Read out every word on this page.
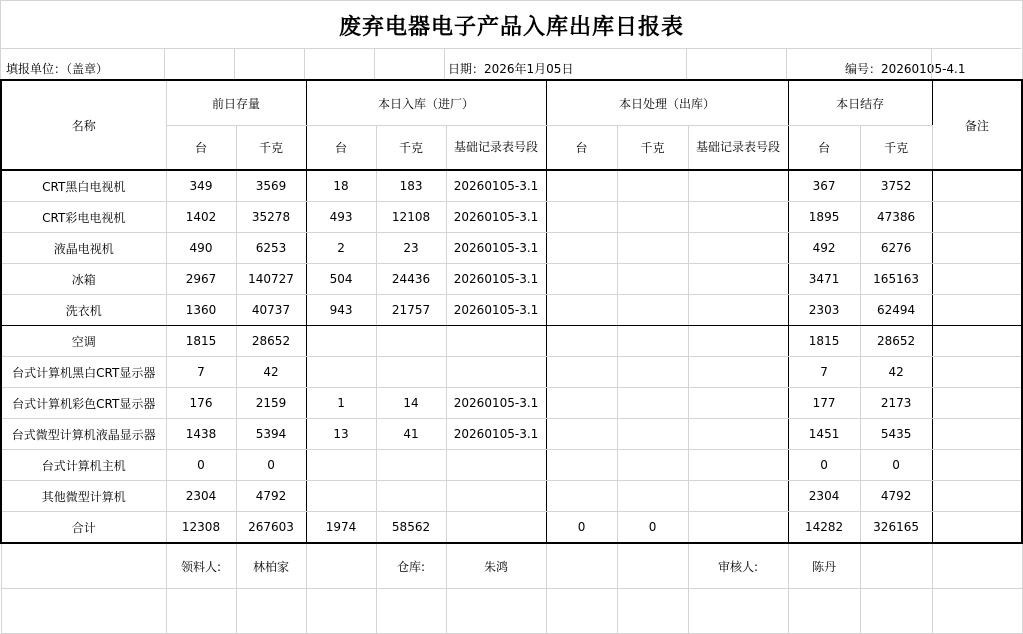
废弃电器电子产品入库出库日报表
填报单位：（盖章）	日期：2026年1月05日	编号：20260105-4.1
名称	前日存量		本日入库（进厂）			本日处理（出库）			本日结存		备注
	台	千克	台	千克	基础记录表号段	台	千克	基础记录表号段	台	千克	
CRT黑白电视机	349	3569	18	183	20260105-3.1				367	3752	
CRT彩电电视机	1402	35278	493	12108	20260105-3.1				1895	47386	
液晶电视机	490	6253	2	23	20260105-3.1				492	6276	
冰箱	2967	140727	504	24436	20260105-3.1				3471	165163	
洗衣机	1360	40737	943	21757	20260105-3.1				2303	62494	
空调	1815	28652							1815	28652	
台式计算机黑白CRT显示器	7	42							7	42	
台式计算机彩色CRT显示器	176	2159	1	14	20260105-3.1				177	2173	
台式微型计算机液晶显示器	1438	5394	13	41	20260105-3.1				1451	5435	
台式计算机主机	0	0							0	0	
其他微型计算机	2304	4792							2304	4792	
合计	12308	267603	1974	58562		0	0		14282	326165	
	领料人:	林柏家		仓库:	朱鸿			审核人:	陈丹		
